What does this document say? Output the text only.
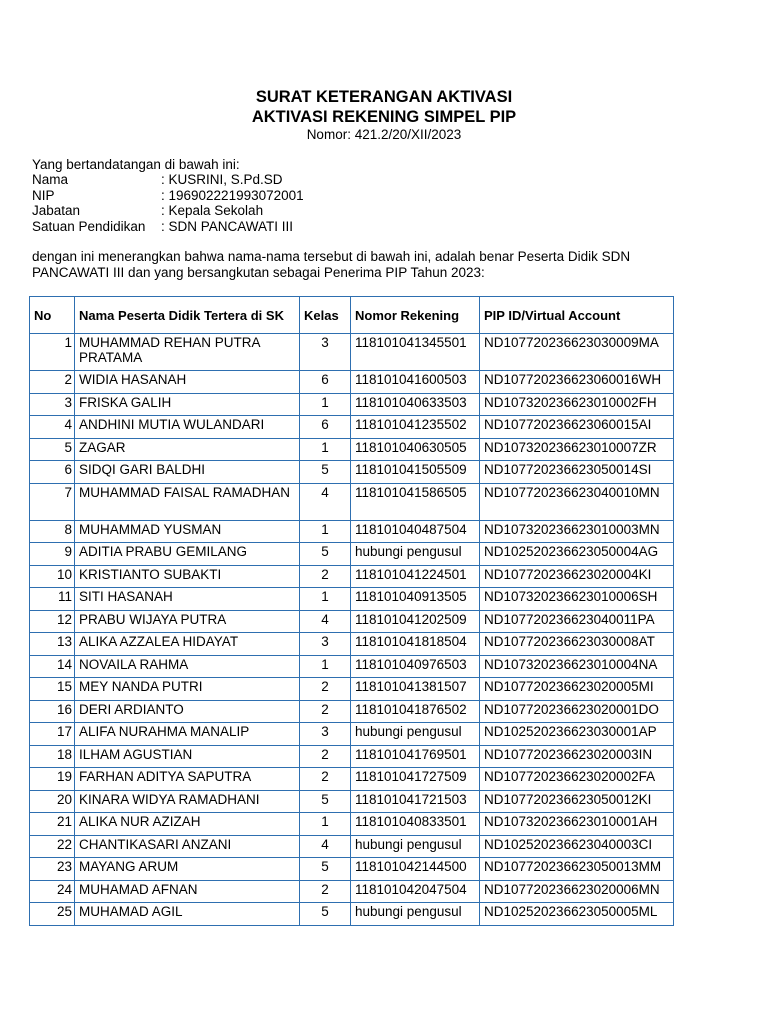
SURAT KETERANGAN AKTIVASI
AKTIVASI REKENING SIMPEL PIP
Nomor: 421.2/20/XII/2023
Yang bertandatangan di bawah ini:
Nama	: KUSRINI, S.Pd.SD
NIP	: 196902221993072001
Jabatan	: Kepala Sekolah
Satuan Pendidikan	: SDN PANCAWATI III
dengan ini menerangkan bahwa nama-nama tersebut di bawah ini, adalah benar Peserta Didik SDN PANCAWATI III dan yang bersangkutan sebagai Penerima PIP Tahun 2023:
No	Nama Peserta Didik Tertera di SK	Kelas	Nomor Rekening	PIP ID/Virtual Account
1	MUHAMMAD REHAN PUTRA PRATAMA	3	118101041345501	ND107720236623030009MA
2	WIDIA HASANAH	6	118101041600503	ND107720236623060016WH
3	FRISKA GALIH	1	118101040633503	ND107320236623010002FH
4	ANDHINI MUTIA WULANDARI	6	118101041235502	ND107720236623060015AI
5	ZAGAR	1	118101040630505	ND107320236623010007ZR
6	SIDQI GARI BALDHI	5	118101041505509	ND107720236623050014SI
7	MUHAMMAD FAISAL RAMADHAN	4	118101041586505	ND107720236623040010MN
8	MUHAMMAD YUSMAN	1	118101040487504	ND107320236623010003MN
9	ADITIA PRABU GEMILANG	5	hubungi pengusul	ND102520236623050004AG
10	KRISTIANTO SUBAKTI	2	118101041224501	ND107720236623020004KI
11	SITI HASANAH	1	118101040913505	ND107320236623010006SH
12	PRABU WIJAYA PUTRA	4	118101041202509	ND107720236623040011PA
13	ALIKA AZZALEA HIDAYAT	3	118101041818504	ND107720236623030008AT
14	NOVAILA RAHMA	1	118101040976503	ND107320236623010004NA
15	MEY NANDA PUTRI	2	118101041381507	ND107720236623020005MI
16	DERI ARDIANTO	2	118101041876502	ND107720236623020001DO
17	ALIFA NURAHMA MANALIP	3	hubungi pengusul	ND102520236623030001AP
18	ILHAM AGUSTIAN	2	118101041769501	ND107720236623020003IN
19	FARHAN ADITYA SAPUTRA	2	118101041727509	ND107720236623020002FA
20	KINARA WIDYA RAMADHANI	5	118101041721503	ND107720236623050012KI
21	ALIKA NUR AZIZAH	1	118101040833501	ND107320236623010001AH
22	CHANTIKASARI ANZANI	4	hubungi pengusul	ND102520236623040003CI
23	MAYANG ARUM	5	118101042144500	ND107720236623050013MM
24	MUHAMAD AFNAN	2	118101042047504	ND107720236623020006MN
25	MUHAMAD AGIL	5	hubungi pengusul	ND102520236623050005ML
